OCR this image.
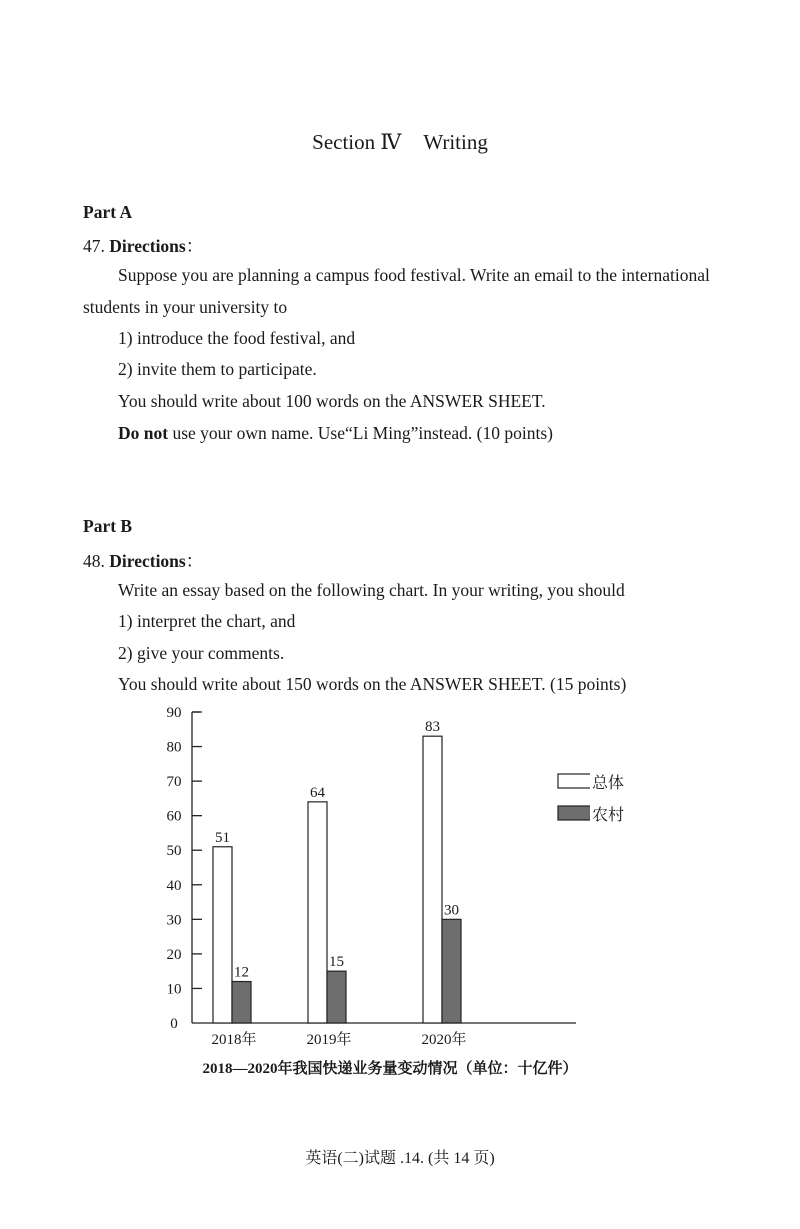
Section Ⅳ Writing
Part A
47. Directions：
Suppose you are planning a campus food festival. Write an email to the international
students in your university to
1) introduce the food festival, and
2) invite them to participate.
You should write about 100 words on the ANSWER SHEET.
Do not use your own name. Use“Li Ming”instead. (10 points)
Part B
48. Directions：
Write an essay based on the following chart. In your writing, you should
1) interpret the chart, and
2) give your comments.
You should write about 150 words on the ANSWER SHEET. (15 points)
0
10
20
30
40
50
60
70
80
90
51
12
2018年
64
15
2019年
83
30
2020年
2018—2020年我国快递业务量变动情况（单位：十亿件）
英语(二)试题 .14. (共 14 页)
总体
农村
